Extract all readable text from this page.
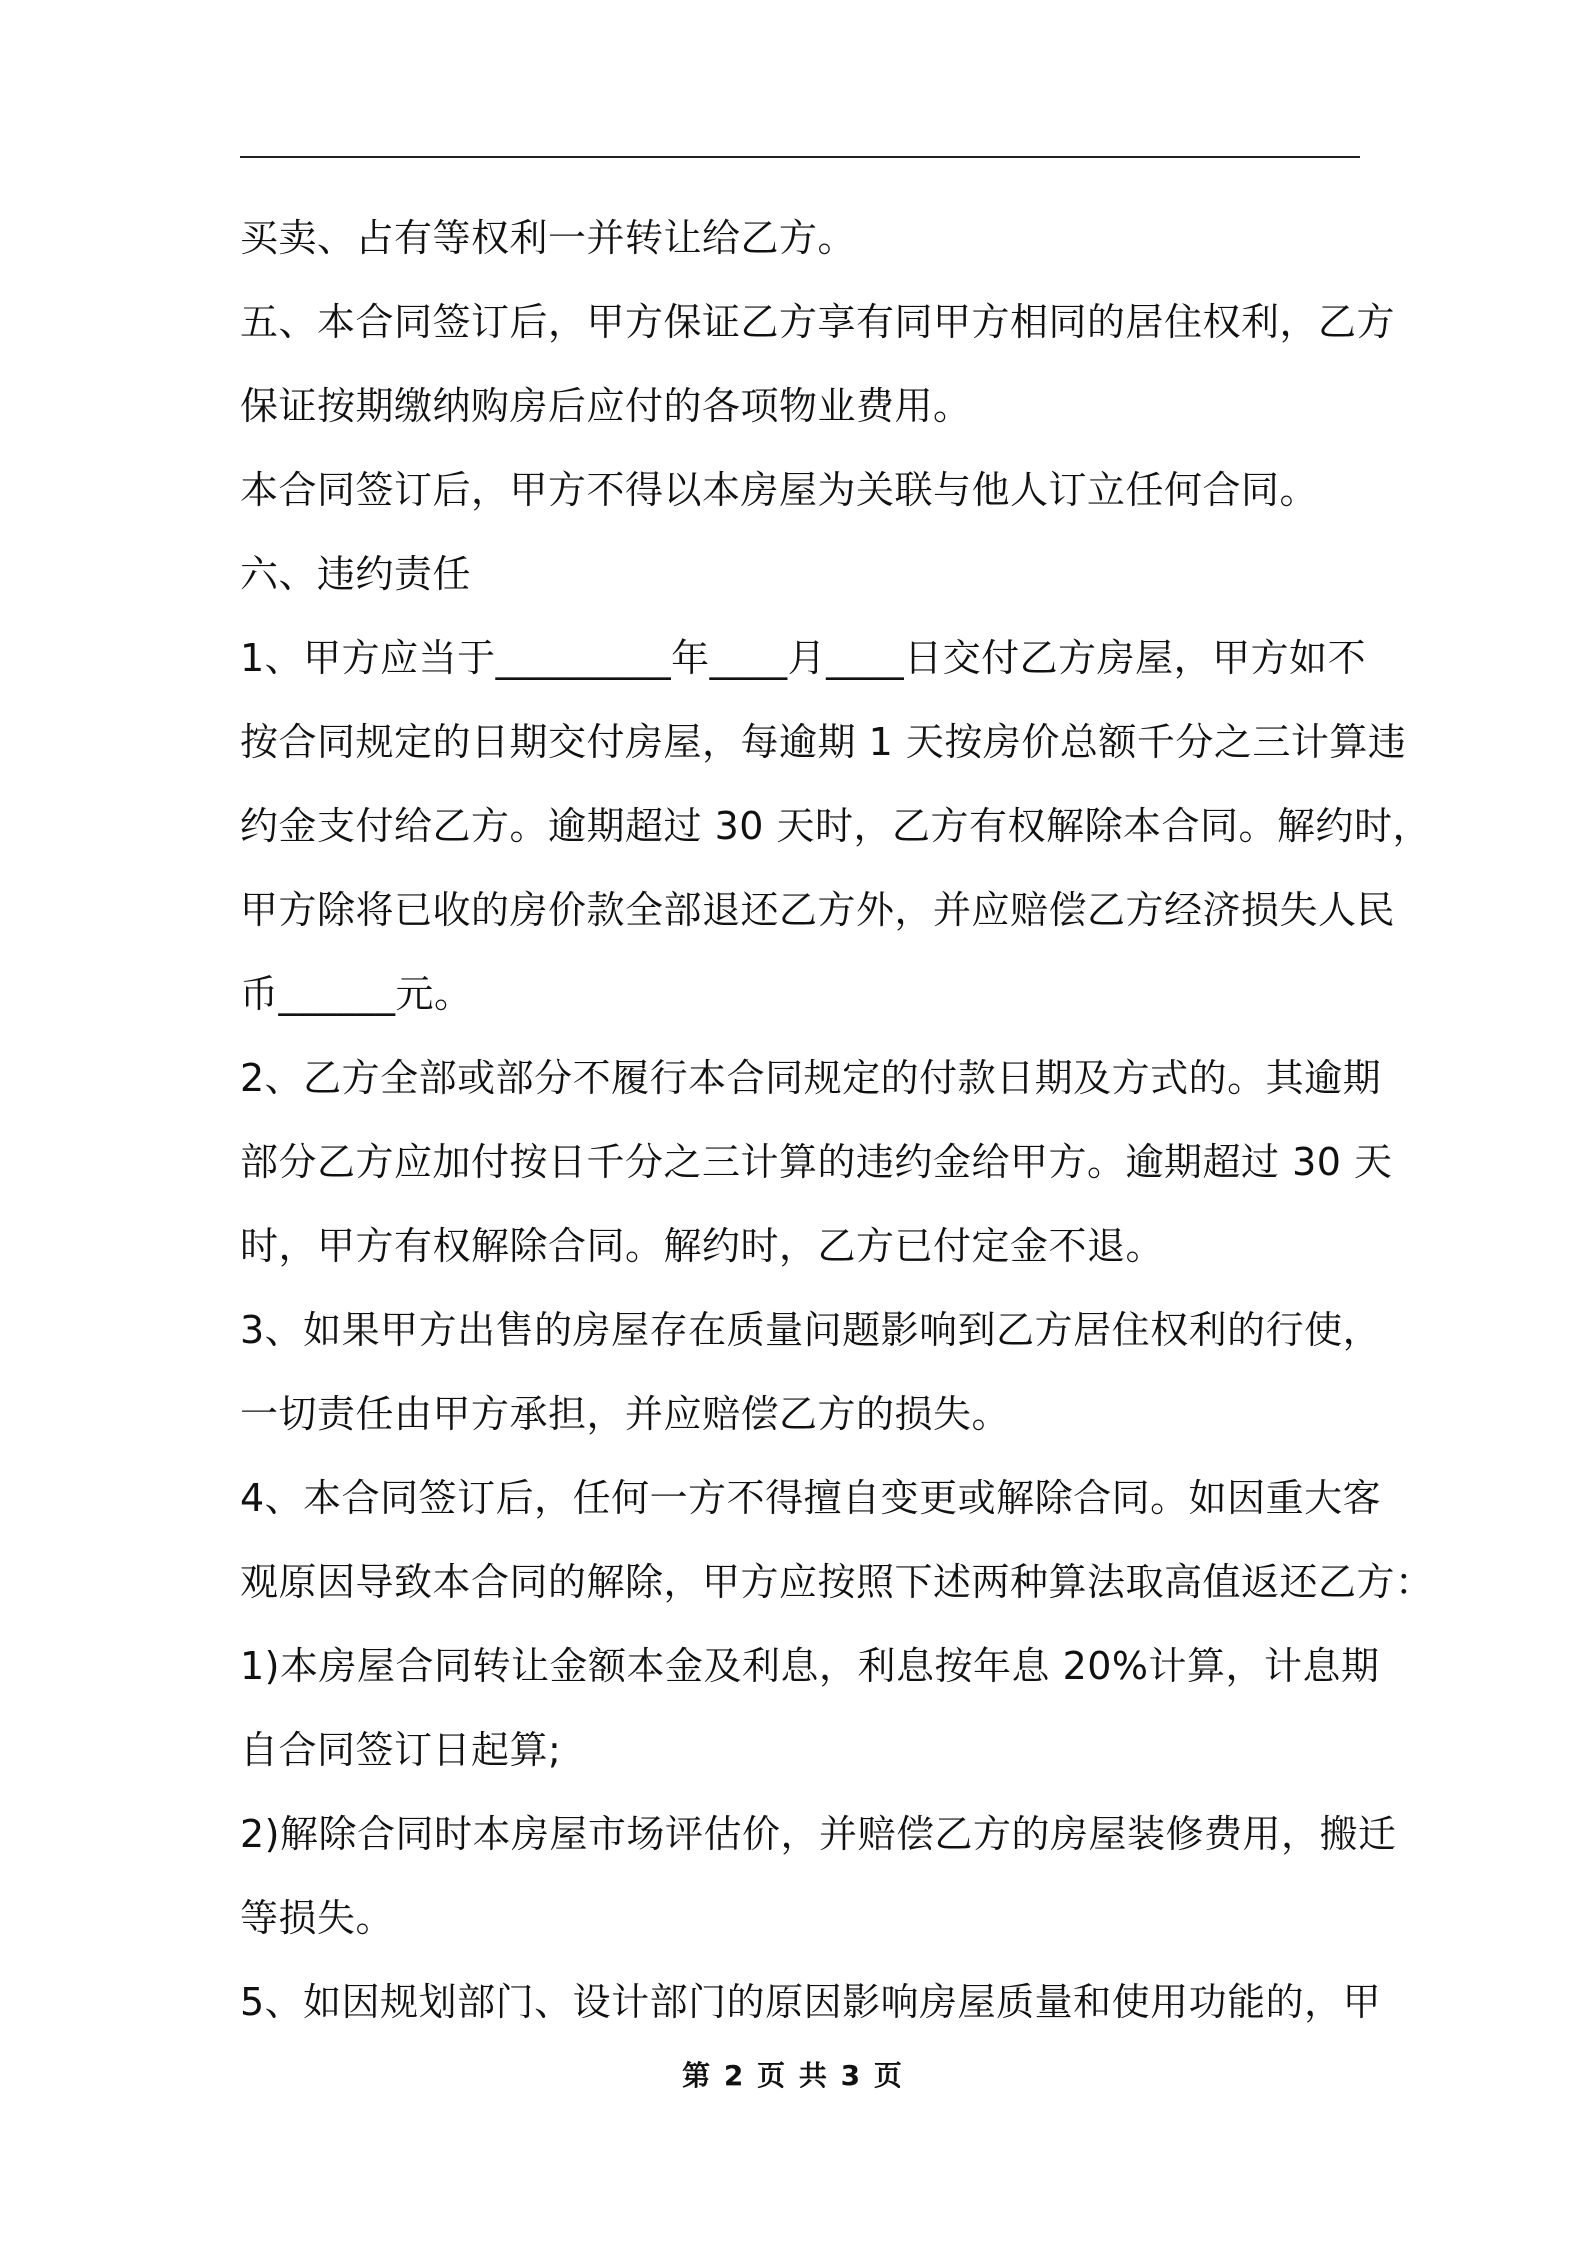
买卖、占有等权利一并转让给乙方。
五、本合同签订后，甲方保证乙方享有同甲方相同的居住权利，乙方
保证按期缴纳购房后应付的各项物业费用。
本合同签订后，甲方不得以本房屋为关联与他人订立任何合同。
六、违约责任
1、甲方应当于_________年____月____日交付乙方房屋，甲方如不
按合同规定的日期交付房屋，每逾期 1 天按房价总额千分之三计算违
约金支付给乙方。逾期超过 30 天时，乙方有权解除本合同。解约时，
甲方除将已收的房价款全部退还乙方外，并应赔偿乙方经济损失人民
币______元。
2、乙方全部或部分不履行本合同规定的付款日期及方式的。其逾期
部分乙方应加付按日千分之三计算的违约金给甲方。逾期超过 30 天
时，甲方有权解除合同。解约时，乙方已付定金不退。
3、如果甲方出售的房屋存在质量问题影响到乙方居住权利的行使，
一切责任由甲方承担，并应赔偿乙方的损失。
4、本合同签订后，任何一方不得擅自变更或解除合同。如因重大客
观原因导致本合同的解除，甲方应按照下述两种算法取高值返还乙方：
1)本房屋合同转让金额本金及利息，利息按年息 20%计算，计息期
自合同签订日起算;
2)解除合同时本房屋市场评估价，并赔偿乙方的房屋装修费用，搬迁
等损失。
5、如因规划部门、设计部门的原因影响房屋质量和使用功能的，甲
第 2 页 共 3 页
